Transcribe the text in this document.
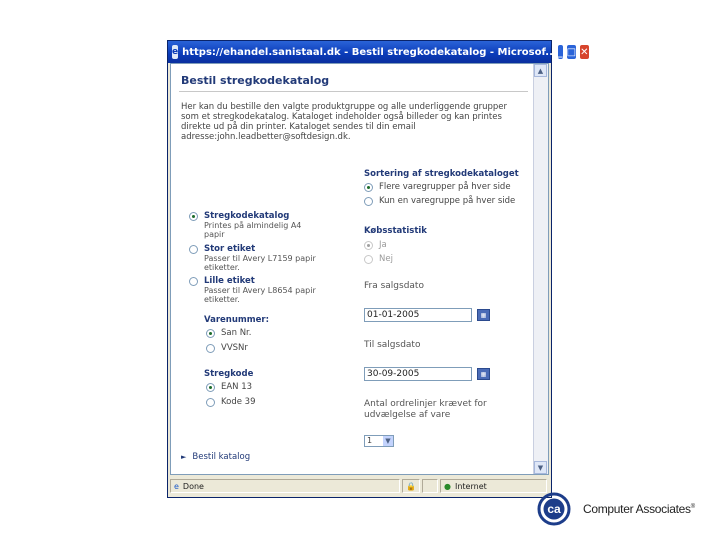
e https://ehandel.sanistaal.dk - Bestil stregkodekatalog - Microsof... _ □ ✕
Bestil stregkodekatalog
Her kan du bestille den valgte produktgruppe og alle underliggende grupper som et stregkodekatalog. Kataloget indeholder også billeder og kan printes direkte ud på din printer. Kataloget sendes til din email adresse:john.leadbetter@softdesign.dk.
Stregkodekatalog
Printes på almindelig A4 papir
Stor etiket
Passer til Avery L7159 papir etiketter.
Lille etiket
Passer til Avery L8654 papir etiketter.
Varenummer:
San Nr.
VVSNr
Stregkode
EAN 13
Kode 39
Sortering af stregkodekataloget
Flere varegrupper på hver side
Kun en varegruppe på hver side
Købsstatistik
Ja
Nej
Fra salgsdato
01-01-2005	▦
Til salgsdato
30-09-2005	▦
Antal ordrelinjer krævet for udvælgelse af vare
1	▼
► Bestil katalog
▲
▼
e Done	🔒	● Internet
ca Computer Associates®
